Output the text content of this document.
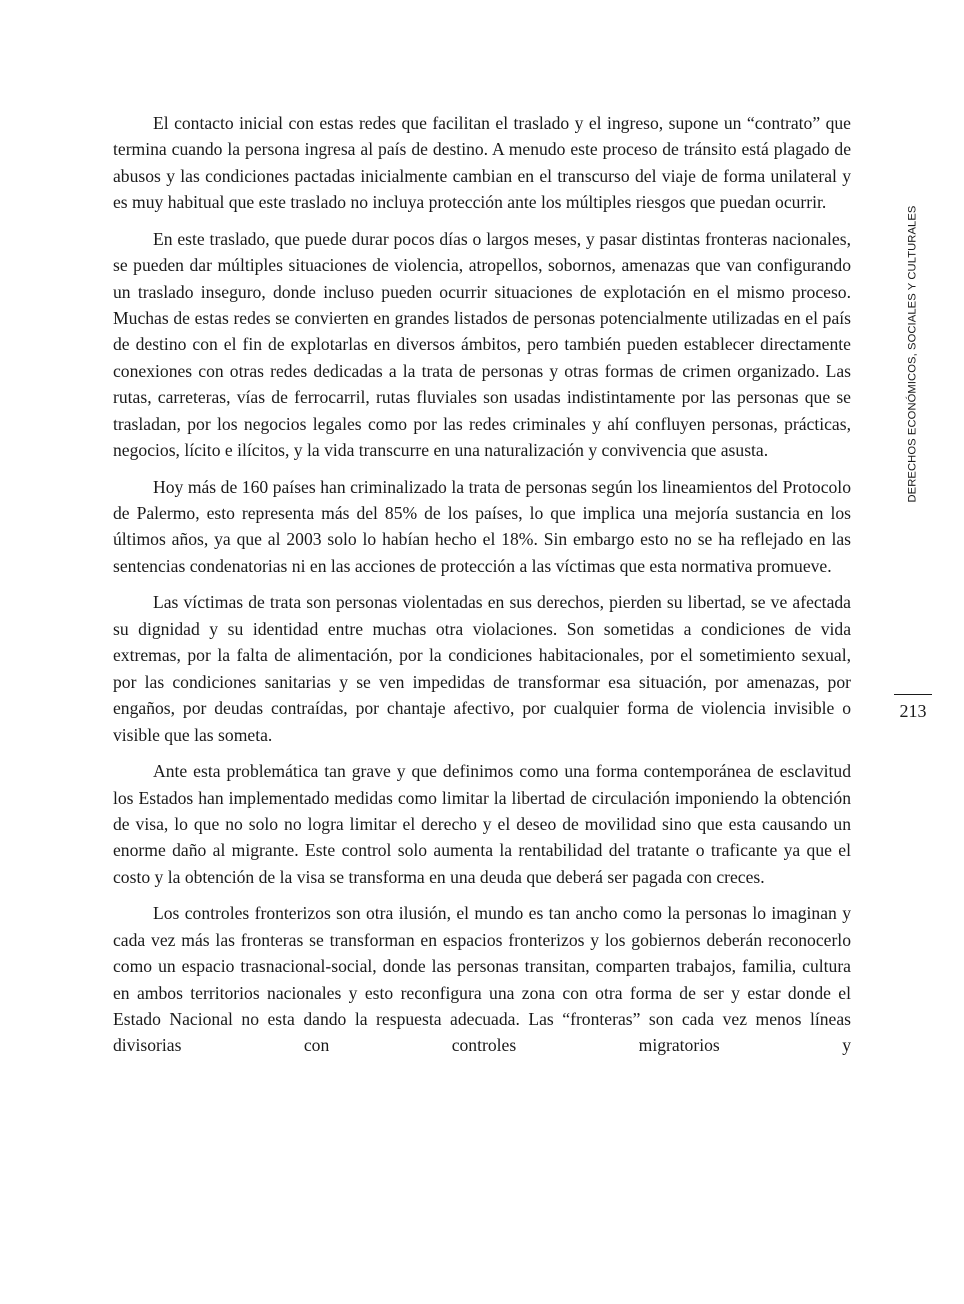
El contacto inicial con estas redes que facilitan el traslado y el ingreso, supone un “contrato” que termina cuando la persona ingresa al país de destino. A menudo este proceso de tránsito está plagado de abusos y las condiciones pactadas inicialmente cambian en el transcurso del viaje de forma unilateral y es muy habitual que este traslado no incluya protección ante los múltiples riesgos que puedan ocurrir.

En este traslado, que puede durar pocos días o largos meses, y pasar distintas fronteras nacionales, se pueden dar múltiples situaciones de violencia, atropellos, sobornos, amenazas que van configurando un traslado inseguro, donde incluso pueden ocurrir situaciones de explotación en el mismo proceso. Muchas de estas redes se convierten en grandes listados de personas potencialmente utilizadas en el país de destino con el fin de explotarlas en diversos ámbitos, pero también pueden establecer directamente conexiones con otras redes dedicadas a la trata de personas y otras formas de crimen organizado. Las rutas, carreteras, vías de ferrocarril, rutas fluviales son usadas indistintamente por las personas que se trasladan, por los negocios legales como por las redes criminales y ahí confluyen personas, prácticas, negocios, lícito e ilícitos, y la vida transcurre en una naturalización y convivencia que asusta.

Hoy más de 160 países han criminalizado la trata de personas según los lineamientos del Protocolo de Palermo, esto representa más del 85% de los países, lo que implica una mejoría sustancia en los últimos años, ya que al 2003 solo lo habían hecho el 18%. Sin embargo esto no se ha reflejado en las sentencias condenatorias ni en las acciones de protección a las víctimas que esta normativa promueve.

Las víctimas de trata son personas violentadas en sus derechos, pierden su libertad, se ve afectada su dignidad y su identidad entre muchas otra violaciones. Son sometidas a condiciones de vida extremas, por la falta de alimentación, por la condiciones habitacionales, por el sometimiento sexual, por las condiciones sanitarias y se ven impedidas de transformar esa situación, por amenazas, por engaños, por deudas contraídas, por chantaje afectivo, por cualquier forma de violencia invisible o visible que las someta.

Ante esta problemática tan grave y que definimos como una forma contemporánea de esclavitud los Estados han implementado medidas como limitar la libertad de circulación imponiendo la obtención de visa, lo que no solo no logra limitar el derecho y el deseo de movilidad sino que esta causando un enorme daño al migrante. Este control solo aumenta la rentabilidad del tratante o traficante ya que el costo y la obtención de la visa se transforma en una deuda que deberá ser pagada con creces.

Los controles fronterizos son otra ilusión, el mundo es tan ancho como la personas lo imaginan y cada vez más las fronteras se transforman en espacios fronterizos y los gobiernos deberán reconocerlo como un espacio trasnacional-social, donde las personas transitan, comparten trabajos, familia, cultura en ambos territorios nacionales y esto reconfigura una zona con otra forma de ser y estar donde el Estado Nacional no esta dando la respuesta adecuada. Las “fronteras” son cada vez menos líneas divisorias con controles migratorios y

DERECHOS ECONÓMICOS, SOCIALES Y CULTURALES
213
